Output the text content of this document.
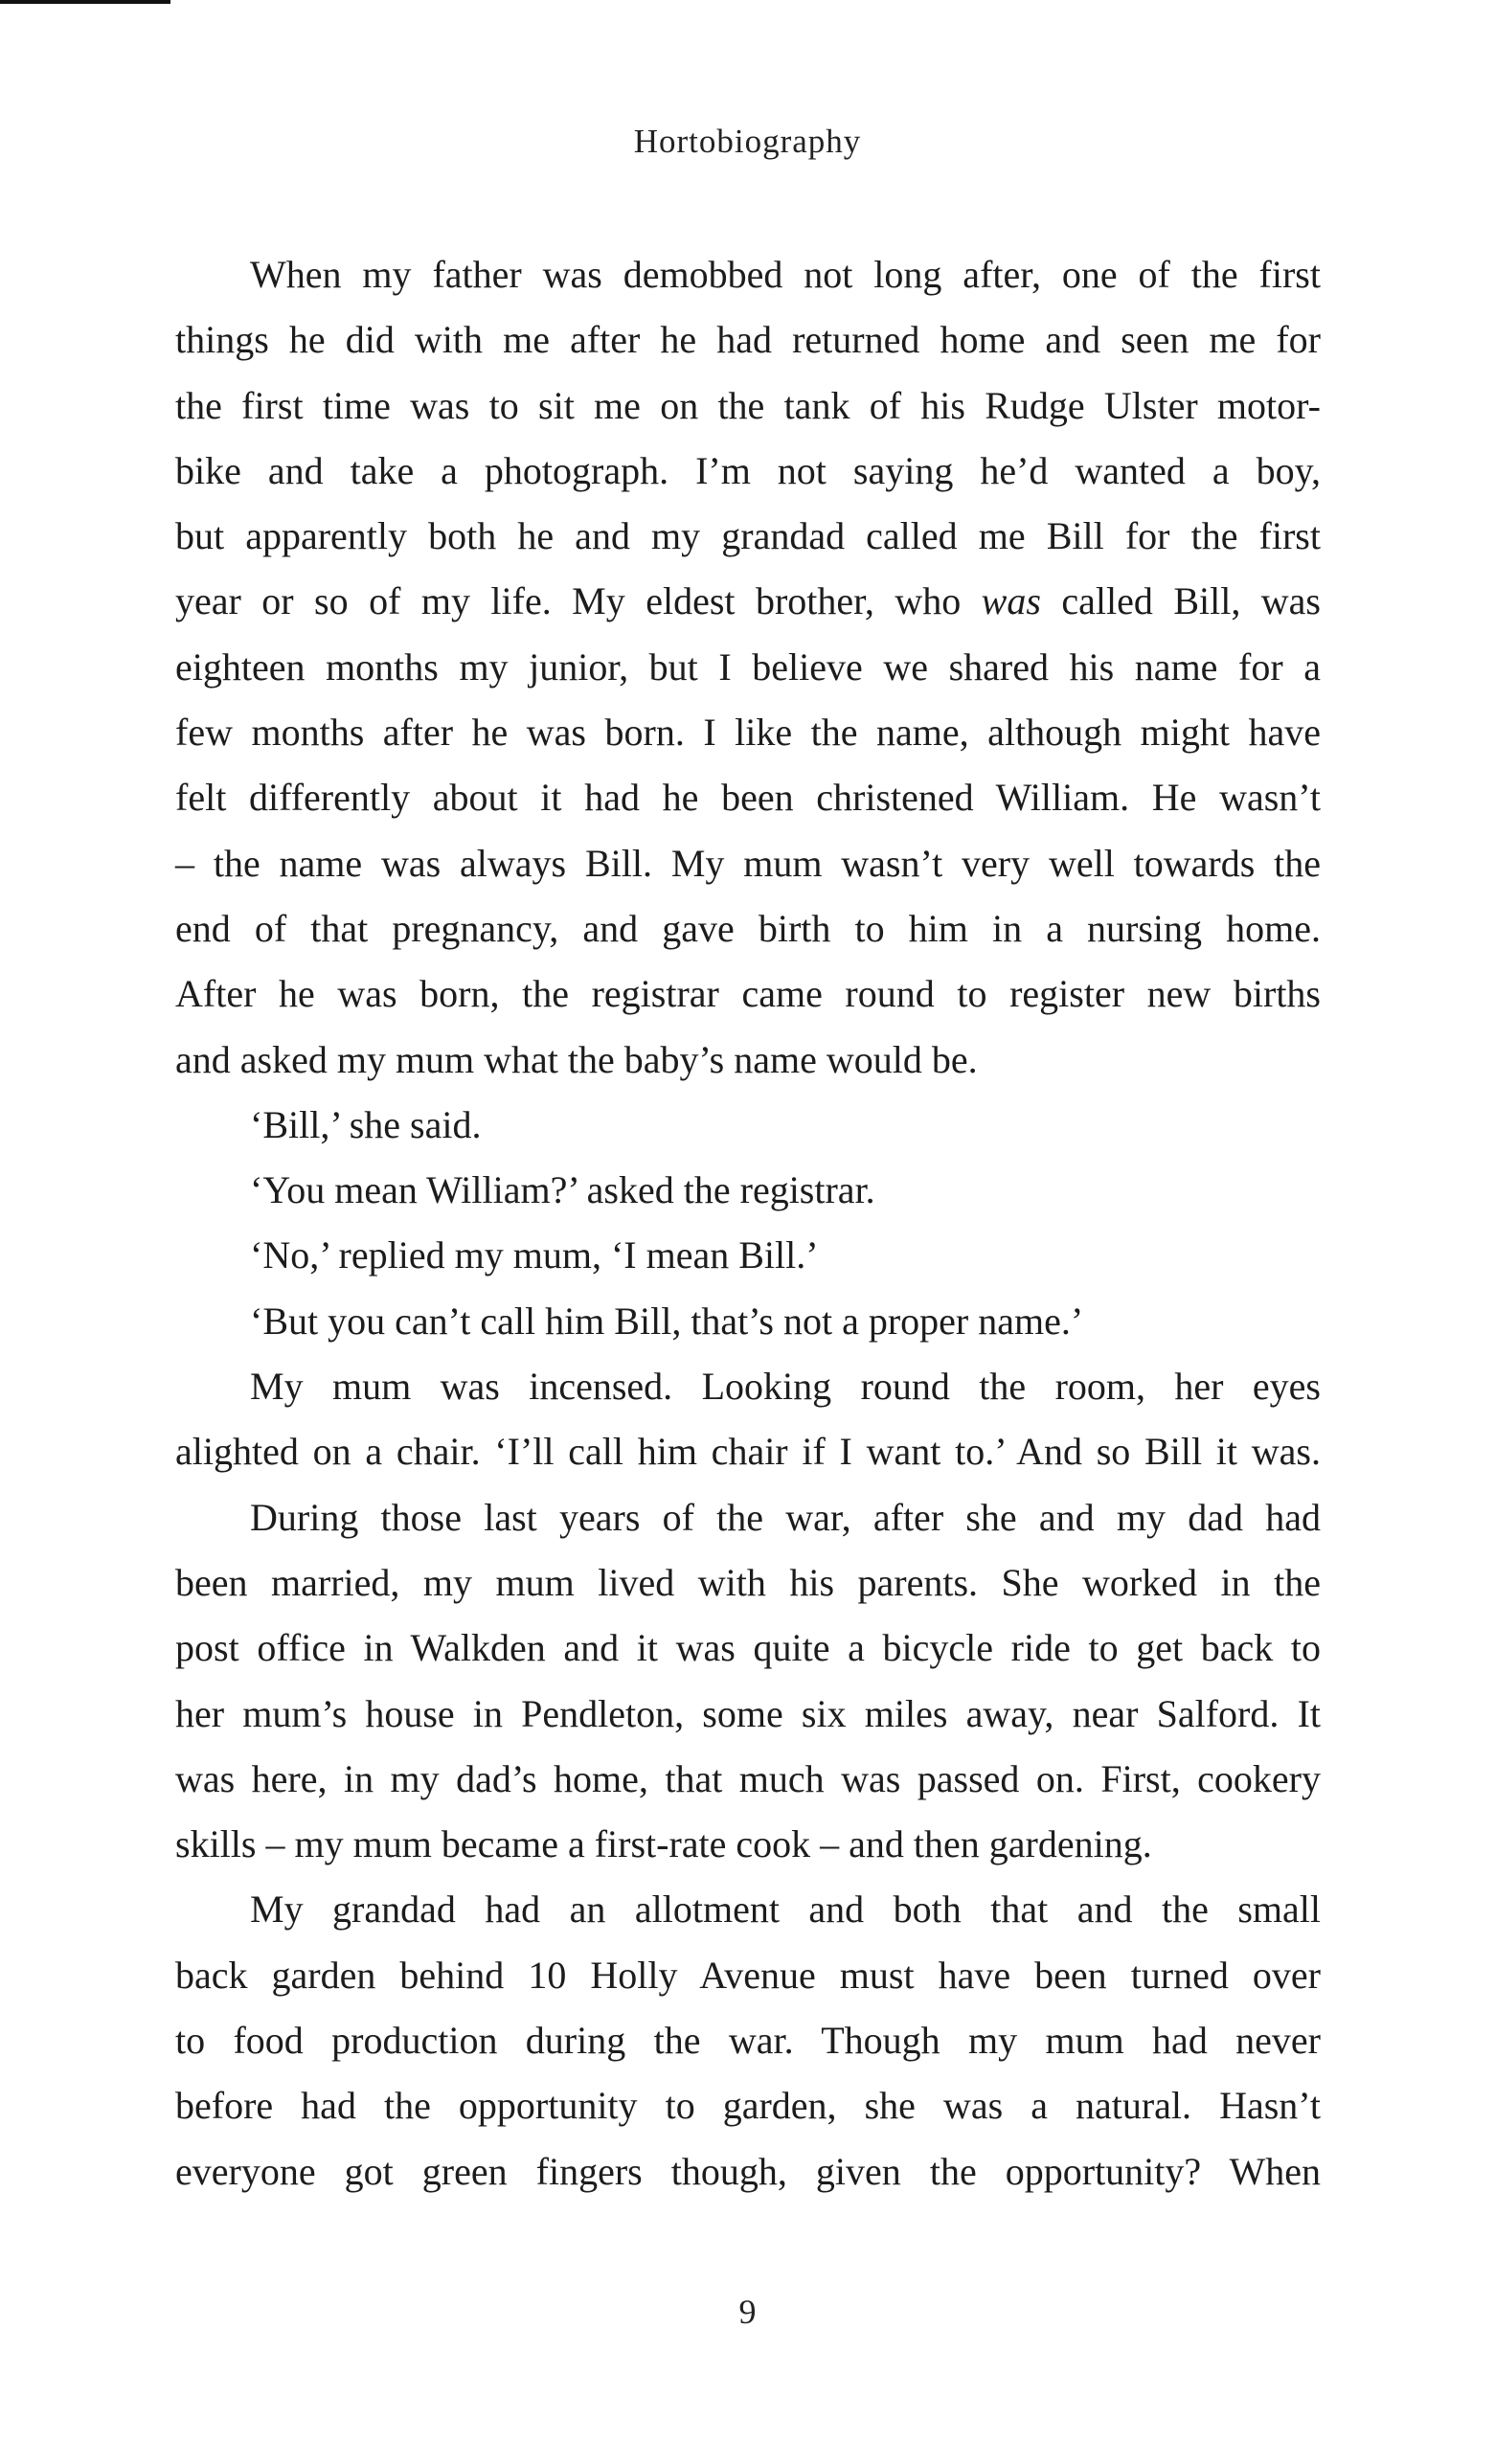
Hortobiography
When my father was demobbed not long after, one of the first
things he did with me after he had returned home and seen me for
the first time was to sit me on the tank of his Rudge Ulster motor-
bike and take a photograph. I’m not saying he’d wanted a boy,
but apparently both he and my grandad called me Bill for the first
year or so of my life. My eldest brother, who was called Bill, was
eighteen months my junior, but I believe we shared his name for a
few months after he was born. I like the name, although might have
felt differently about it had he been christened William. He wasn’t
– the name was always Bill. My mum wasn’t very well towards the
end of that pregnancy, and gave birth to him in a nursing home.
After he was born, the registrar came round to register new births
and asked my mum what the baby’s name would be.
‘Bill,’ she said.
‘You mean William?’ asked the registrar.
‘No,’ replied my mum, ‘I mean Bill.’
‘But you can’t call him Bill, that’s not a proper name.’
My mum was incensed. Looking round the room, her eyes
alighted on a chair. ‘I’ll call him chair if I want to.’ And so Bill it was.
During those last years of the war, after she and my dad had
been married, my mum lived with his parents. She worked in the
post office in Walkden and it was quite a bicycle ride to get back to
her mum’s house in Pendleton, some six miles away, near Salford. It
was here, in my dad’s home, that much was passed on. First, cookery
skills – my mum became a first-rate cook – and then gardening.
My grandad had an allotment and both that and the small
back garden behind 10 Holly Avenue must have been turned over
to food production during the war. Though my mum had never
before had the opportunity to garden, she was a natural. Hasn’t
everyone got green fingers though, given the opportunity? When
9
